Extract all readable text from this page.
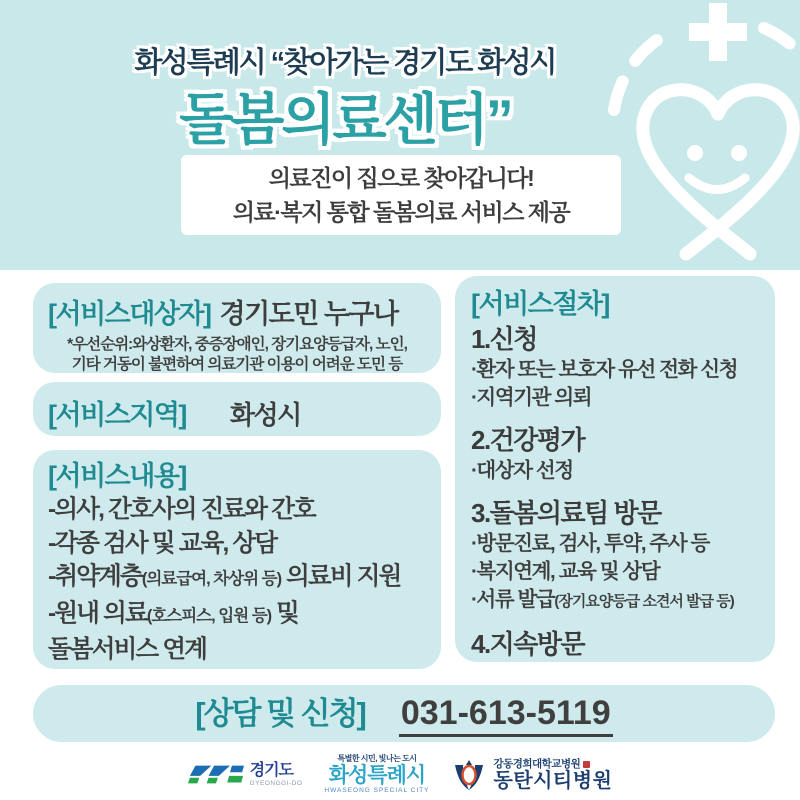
화성특례시 “찾아가는 경기도 화성시
돌봄의료센터”
의료진이 집으로 찾아갑니다!
의료·복지 통합 돌봄의료 서비스 제공
[서비스대상자] 경기도민 누구나
*우선순위:와상환자, 중증장애인, 장기요양등급자, 노인,
기타 거동이 불편하여 의료기관 이용이 어려운 도민 등
[서비스지역] 화성시
[서비스내용]
-의사, 간호사의 진료와 간호
-각종 검사 및 교육, 상담
-취약계층(의료급여, 차상위 등) 의료비 지원
-원내 의료(호스피스, 입원 등) 및
돌봄서비스 연계
[서비스절차]
1.신청
·환자 또는 보호자 유선 전화 신청
·지역기관 의뢰
2.건강평가
·대상자 선정
3.돌봄의료팀 방문
·방문진료, 검사, 투약, 주사 등
·복지연계, 교육 및 상담
·서류 발급(장기요양등급 소견서 발급 등)
4.지속방문
[상담 및 신청] 031-613-5119
경기도
GYEONGGI-DO
특별한 시민, 빛나는 도시
화성특례시
HWASEONG SPECIAL CITY
강동경희대학교병원
동탄시티병원
